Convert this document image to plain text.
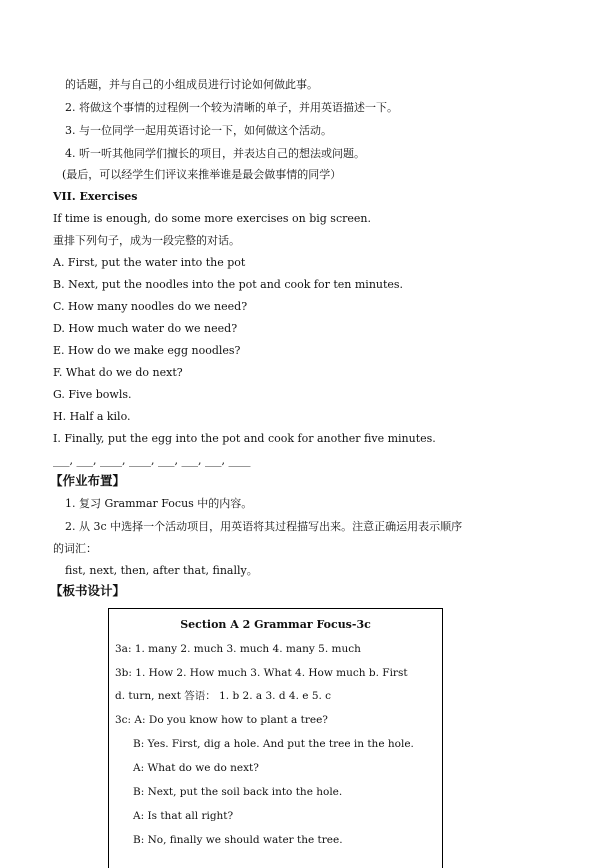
的话题，并与自己的小组成员进行讨论如何做此事。
2. 将做这个事情的过程例一个较为清晰的单子，并用英语描述一下。
3. 与一位同学一起用英语讨论一下，如何做这个活动。
4. 听一听其他同学们擅长的项目，并表达自己的想法或问题。
(最后，可以经学生们评议来推举谁是最会做事情的同学）
VII. Exercises
If time is enough, do some more exercises on big screen.
重排下列句子，成为一段完整的对话。
A. First, put the water into the pot
B. Next, put the noodles into the pot and cook for ten minutes.
C. How many noodles do we need?
D. How much water do we need?
E. How do we make egg noodles?
F. What do we do next?
G. Five bowls.
H. Half a kilo.
I. Finally, put the egg into the pot and cook for another five minutes.
___, ___, ____, ____, ___, ___, ___, ____
【作业布置】
1. 复习 Grammar Focus 中的内容。
2. 从 3c 中选择一个活动项目，用英语将其过程描写出来。注意正确运用表示顺序
的词汇：
fist, next, then, after that, finally。
【板书设计】
Section A 2 Grammar Focus-3c
3a: 1. many 2. much 3. much 4. many 5. much
3b: 1. How 2. How much 3. What 4. How much b. First
d. turn, next 答语： 1. b 2. a 3. d 4. e 5. c
3c: A: Do you know how to plant a tree?
B: Yes. First, dig a hole. And put the tree in the hole.
A: What do we do next?
B: Next, put the soil back into the hole.
A: Is that all right?
B: No, finally we should water the tree.
